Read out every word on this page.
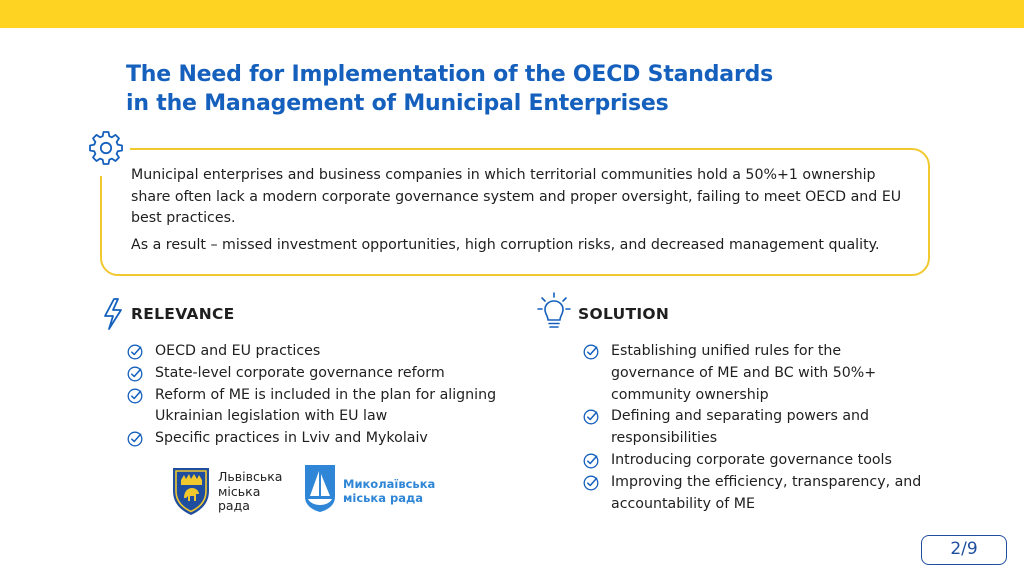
The Need for Implementation of the OECD Standards
in the Management of Municipal Enterprises

Municipal enterprises and business companies in which territorial communities hold a 50%+1 ownership share often lack a modern corporate governance system and proper oversight, failing to meet OECD and EU best practices.

As a result – missed investment opportunities, high corruption risks, and decreased management quality.

RELEVANCE
OECD and EU practices
State-level corporate governance reform
Reform of ME is included in the plan for aligning Ukrainian legislation with EU law
Specific practices in Lviv and Mykolaiv
Львівська
міська
рада
Миколаївська
міська рада
SOLUTION
Establishing unified rules for the governance of ME and BC with 50%+ community ownership
Defining and separating powers and responsibilities
Introducing corporate governance tools
Improving the efficiency, transparency, and accountability of ME
2/9
